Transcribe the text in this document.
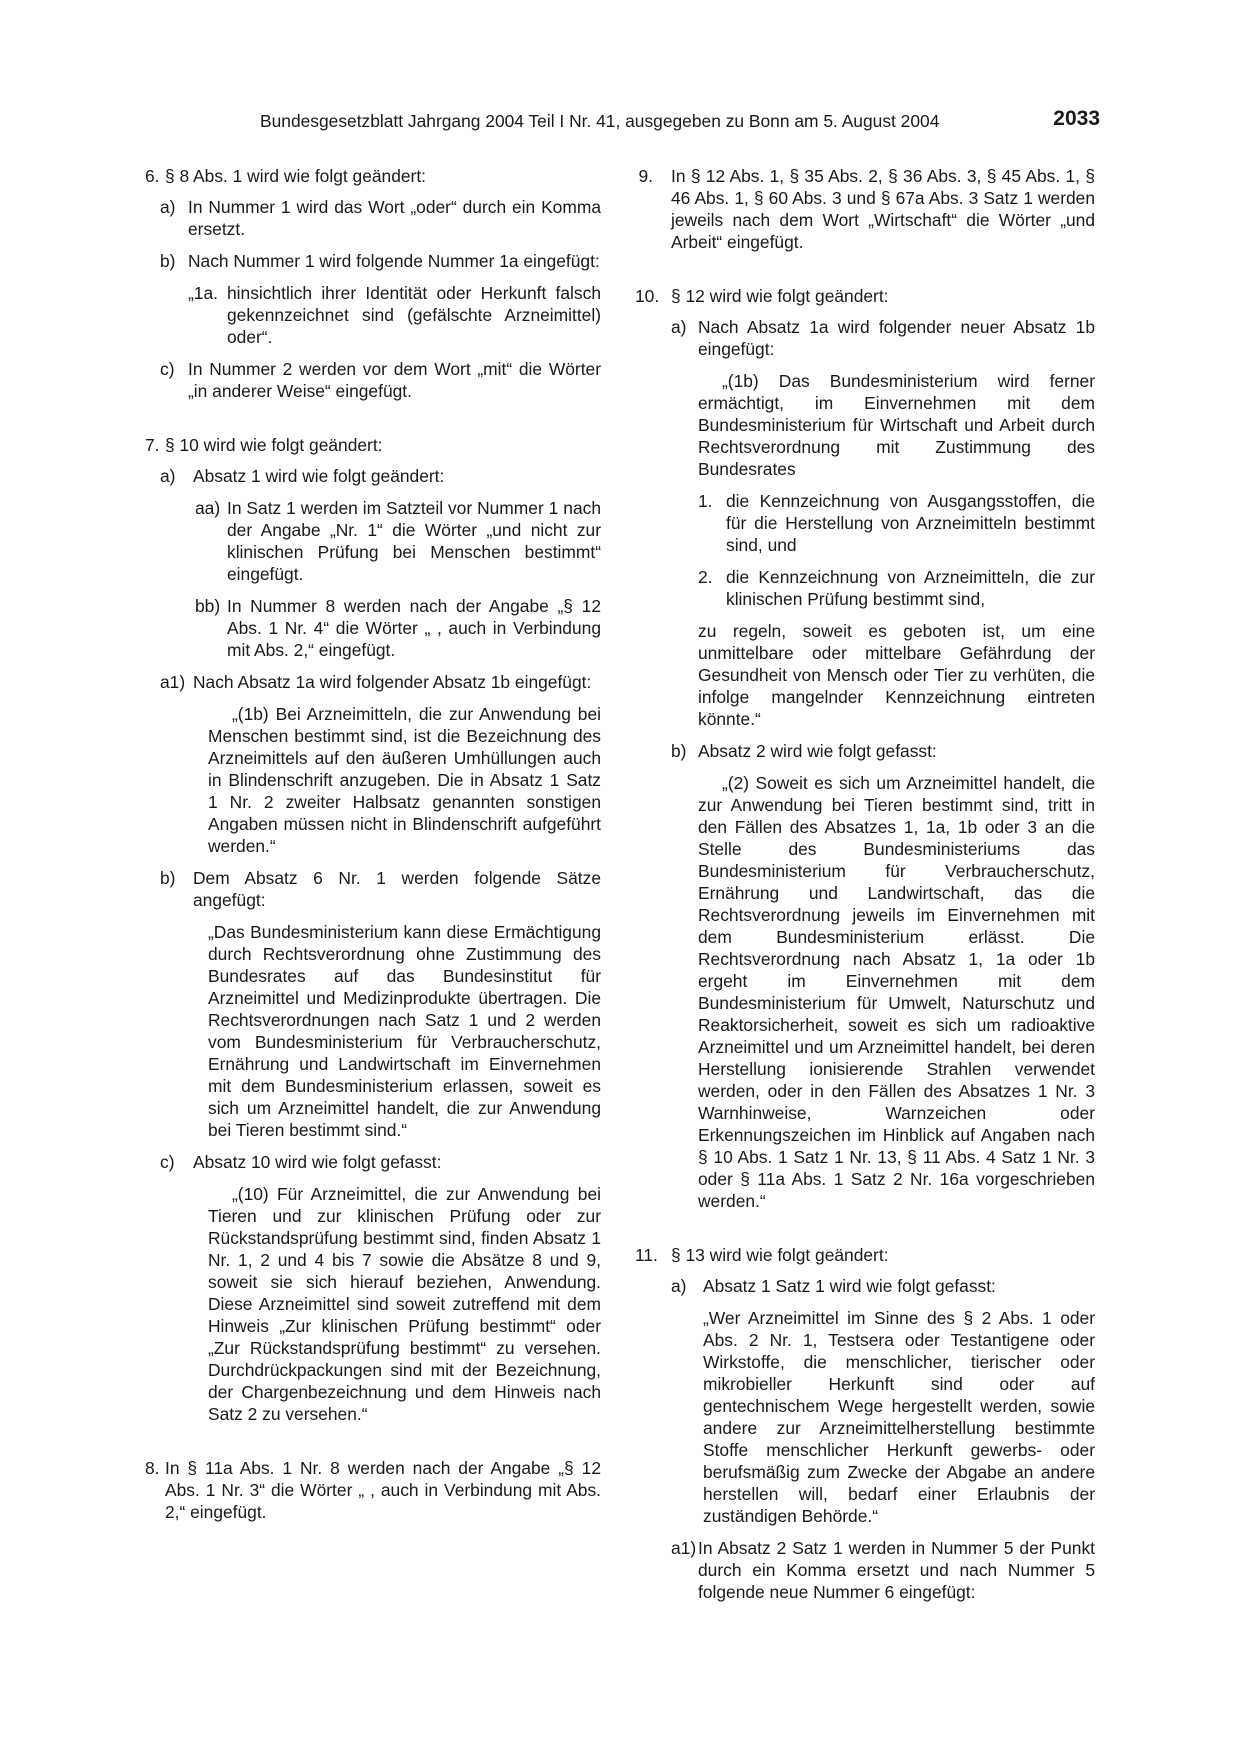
Bundesgesetzblatt Jahrgang 2004 Teil I Nr. 41, ausgegeben zu Bonn am 5. August 2004	2033
6. § 8 Abs. 1 wird wie folgt geändert:
a) In Nummer 1 wird das Wort „oder“ durch ein Komma ersetzt.
b) Nach Nummer 1 wird folgende Nummer 1a eingefügt:
„1a. hinsichtlich ihrer Identität oder Herkunft falsch gekennzeichnet sind (gefälschte Arzneimittel) oder“.
c) In Nummer 2 werden vor dem Wort „mit“ die Wörter „in anderer Weise“ eingefügt.
7. § 10 wird wie folgt geändert:
a) Absatz 1 wird wie folgt geändert:
aa) In Satz 1 werden im Satzteil vor Nummer 1 nach der Angabe „Nr. 1“ die Wörter „und nicht zur klinischen Prüfung bei Menschen bestimmt“ eingefügt.
bb) In Nummer 8 werden nach der Angabe „§ 12 Abs. 1 Nr. 4“ die Wörter „ , auch in Verbindung mit Abs. 2,“ eingefügt.
a1) Nach Absatz 1a wird folgender Absatz 1b eingefügt:
„(1b) Bei Arzneimitteln, die zur Anwendung bei Menschen bestimmt sind, ist die Bezeichnung des Arzneimittels auf den äußeren Umhüllungen auch in Blindenschrift anzugeben. Die in Absatz 1 Satz 1 Nr. 2 zweiter Halbsatz genannten sonstigen Angaben müssen nicht in Blindenschrift aufgeführt werden.“
b) Dem Absatz 6 Nr. 1 werden folgende Sätze angefügt:
„Das Bundesministerium kann diese Ermächtigung durch Rechtsverordnung ohne Zustimmung des Bundesrates auf das Bundesinstitut für Arzneimittel und Medizinprodukte übertragen. Die Rechtsverordnungen nach Satz 1 und 2 werden vom Bundesministerium für Verbraucherschutz, Ernährung und Landwirtschaft im Einvernehmen mit dem Bundesministerium erlassen, soweit es sich um Arzneimittel handelt, die zur Anwendung bei Tieren bestimmt sind.“
c) Absatz 10 wird wie folgt gefasst:
„(10) Für Arzneimittel, die zur Anwendung bei Tieren und zur klinischen Prüfung oder zur Rückstandsprüfung bestimmt sind, finden Absatz 1 Nr. 1, 2 und 4 bis 7 sowie die Absätze 8 und 9, soweit sie sich hierauf beziehen, Anwendung. Diese Arzneimittel sind soweit zutreffend mit dem Hinweis „Zur klinischen Prüfung bestimmt“ oder „Zur Rückstandsprüfung bestimmt“ zu versehen. Durchdrückpackungen sind mit der Bezeichnung, der Chargenbezeichnung und dem Hinweis nach Satz 2 zu versehen.“
8. In § 11a Abs. 1 Nr. 8 werden nach der Angabe „§ 12 Abs. 1 Nr. 3“ die Wörter „ , auch in Verbindung mit Abs. 2,“ eingefügt.
9. In § 12 Abs. 1, § 35 Abs. 2, § 36 Abs. 3, § 45 Abs. 1, § 46 Abs. 1, § 60 Abs. 3 und § 67a Abs. 3 Satz 1 werden jeweils nach dem Wort „Wirtschaft“ die Wörter „und Arbeit“ eingefügt.
10. § 12 wird wie folgt geändert:
a) Nach Absatz 1a wird folgender neuer Absatz 1b eingefügt:
„(1b) Das Bundesministerium wird ferner ermächtigt, im Einvernehmen mit dem Bundesministerium für Wirtschaft und Arbeit durch Rechtsverordnung mit Zustimmung des Bundesrates
1. die Kennzeichnung von Ausgangsstoffen, die für die Herstellung von Arzneimitteln bestimmt sind, und
2. die Kennzeichnung von Arzneimitteln, die zur klinischen Prüfung bestimmt sind,
zu regeln, soweit es geboten ist, um eine unmittelbare oder mittelbare Gefährdung der Gesundheit von Mensch oder Tier zu verhüten, die infolge mangelnder Kennzeichnung eintreten könnte.“
b) Absatz 2 wird wie folgt gefasst:
„(2) Soweit es sich um Arzneimittel handelt, die zur Anwendung bei Tieren bestimmt sind, tritt in den Fällen des Absatzes 1, 1a, 1b oder 3 an die Stelle des Bundesministeriums das Bundesministerium für Verbraucherschutz, Ernährung und Landwirtschaft, das die Rechtsverordnung jeweils im Einvernehmen mit dem Bundesministerium erlässt. Die Rechtsverordnung nach Absatz 1, 1a oder 1b ergeht im Einvernehmen mit dem Bundesministerium für Umwelt, Naturschutz und Reaktorsicherheit, soweit es sich um radioaktive Arzneimittel und um Arzneimittel handelt, bei deren Herstellung ionisierende Strahlen verwendet werden, oder in den Fällen des Absatzes 1 Nr. 3 Warnhinweise, Warnzeichen oder Erkennungszeichen im Hinblick auf Angaben nach § 10 Abs. 1 Satz 1 Nr. 13, § 11 Abs. 4 Satz 1 Nr. 3 oder § 11a Abs. 1 Satz 2 Nr. 16a vorgeschrieben werden.“
11. § 13 wird wie folgt geändert:
a) Absatz 1 Satz 1 wird wie folgt gefasst:
„Wer Arzneimittel im Sinne des § 2 Abs. 1 oder Abs. 2 Nr. 1, Testsera oder Testantigene oder Wirkstoffe, die menschlicher, tierischer oder mikrobieller Herkunft sind oder auf gentechnischem Wege hergestellt werden, sowie andere zur Arzneimittelherstellung bestimmte Stoffe menschlicher Herkunft gewerbs- oder berufsmäßig zum Zwecke der Abgabe an andere herstellen will, bedarf einer Erlaubnis der zuständigen Behörde.“
a1) In Absatz 2 Satz 1 werden in Nummer 5 der Punkt durch ein Komma ersetzt und nach Nummer 5 folgende neue Nummer 6 eingefügt:
